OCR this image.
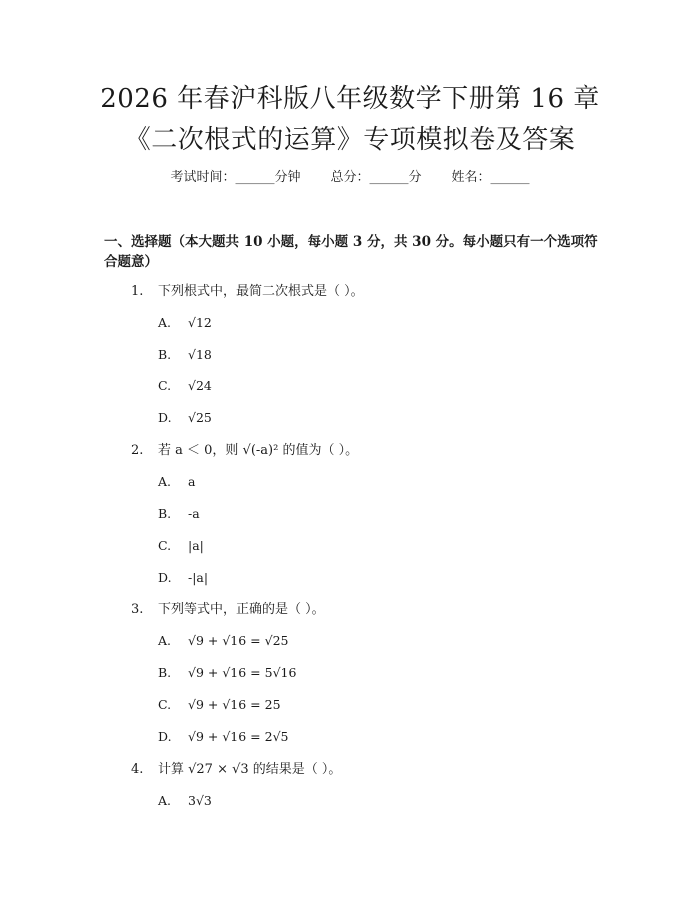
2026 年春沪科版八年级数学下册第 16 章
《二次根式的运算》专项模拟卷及答案
考试时间：______分钟 总分：______分 姓名：______
一、选择题（本大题共 10 小题，每小题 3 分，共 30 分。每小题只有一个选项符合题意）
1. 下列根式中，最简二次根式是（ ）。
A. √12
B. √18
C. √24
D. √25
2. 若 a ＜ 0，则 √(-a)² 的值为（ ）。
A. a
B. -a
C. |a|
D. -|a|
3. 下列等式中，正确的是（ ）。
A. √9 + √16 = √25
B. √9 + √16 = 5√16
C. √9 + √16 = 25
D. √9 + √16 = 2√5
4. 计算 √27 × √3 的结果是（ ）。
A. 3√3
